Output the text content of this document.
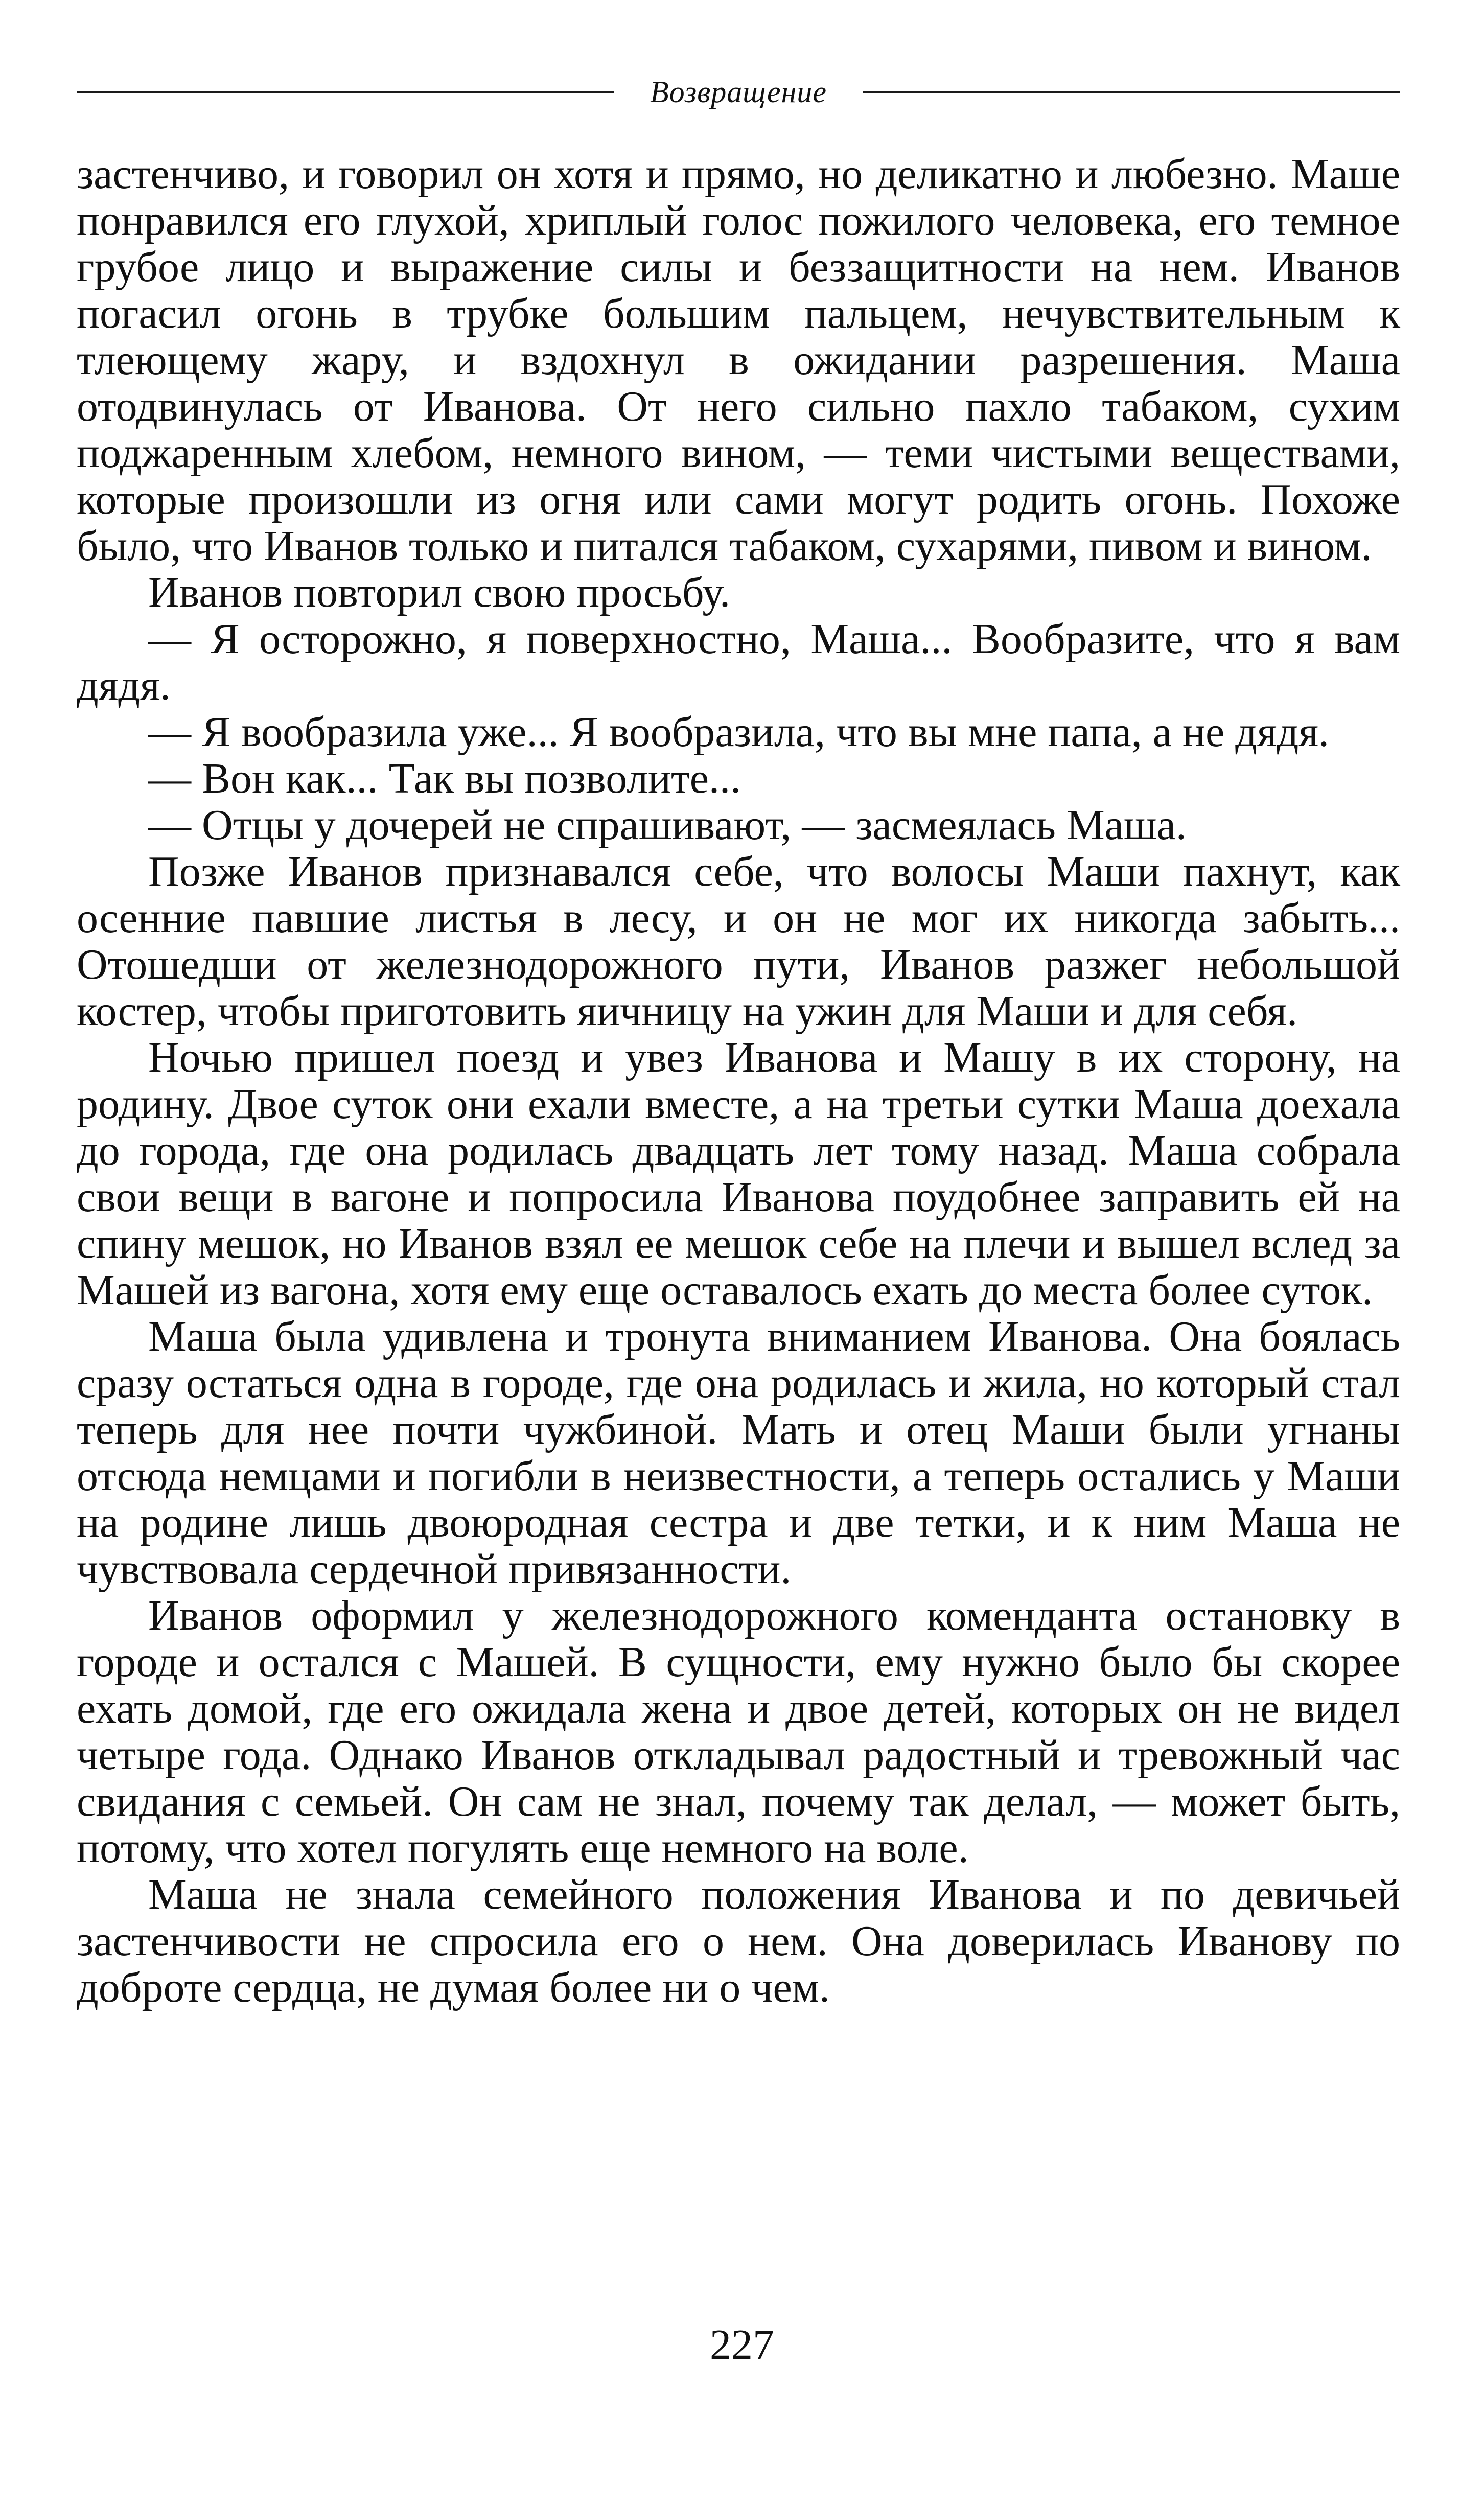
Возвращение

застенчиво, и говорил он хотя и прямо, но деликатно и любезно. Маше понравился его глухой, хриплый голос пожилого человека, его темное грубое лицо и выражение силы и беззащитности на нем. Иванов погасил огонь в трубке большим пальцем, нечувствительным к тлеющему жару, и вздохнул в ожидании разрешения. Маша отодвинулась от Иванова. От него сильно пахло табаком, сухим поджаренным хлебом, немного вином, — теми чистыми веществами, которые произошли из огня или сами могут родить огонь. Похоже было, что Иванов только и питался табаком, сухарями, пивом и вином.

Иванов повторил свою просьбу.

— Я осторожно, я поверхностно, Маша... Вообразите, что я вам дядя.

— Я вообразила уже... Я вообразила, что вы мне папа, а не дядя.

— Вон как... Так вы позволите...

— Отцы у дочерей не спрашивают, — засмеялась Маша.

Позже Иванов признавался себе, что волосы Маши пахнут, как осенние павшие листья в лесу, и он не мог их никогда забыть... Отошедши от железнодорожного пути, Иванов разжег небольшой костер, чтобы приготовить яичницу на ужин для Маши и для себя.

Ночью пришел поезд и увез Иванова и Машу в их сторону, на родину. Двое суток они ехали вместе, а на третьи сутки Маша доехала до города, где она родилась двадцать лет тому назад. Маша собрала свои вещи в вагоне и попросила Иванова поудобнее заправить ей на спину мешок, но Иванов взял ее мешок себе на плечи и вышел вслед за Машей из вагона, хотя ему еще оставалось ехать до места более суток.

Маша была удивлена и тронута вниманием Иванова. Она боялась сразу остаться одна в городе, где она родилась и жила, но который стал теперь для нее почти чужбиной. Мать и отец Маши были угнаны отсюда немцами и погибли в неизвестности, а теперь остались у Маши на родине лишь двоюродная сестра и две тетки, и к ним Маша не чувствовала сердечной привязанности.

Иванов оформил у железнодорожного коменданта остановку в городе и остался с Машей. В сущности, ему нужно было бы скорее ехать домой, где его ожидала жена и двое детей, которых он не видел четыре года. Однако Иванов откладывал радостный и тревожный час свидания с семьей. Он сам не знал, почему так делал, — может быть, потому, что хотел погулять еще немного на воле.

Маша не знала семейного положения Иванова и по девичьей застенчивости не спросила его о нем. Она доверилась Иванову по доброте сердца, не думая более ни о чем.

227
